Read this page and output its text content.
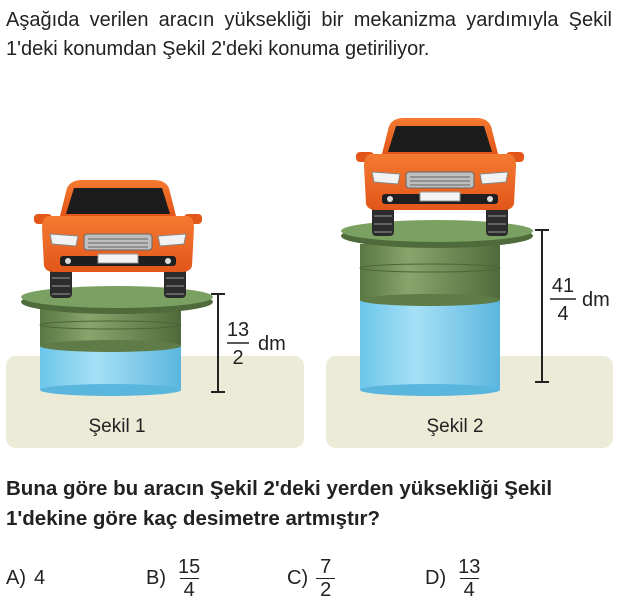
Aşağıda verilen aracın yüksekliği bir mekanizma yardımıyla Şekil 1'deki konumdan Şekil 2'deki konuma getiriliyor.
13
2
dm
Şekil 1
41
4
dm
Şekil 2
Buna göre bu aracın Şekil 2'deki yerden yüksekliği Şekil 1'dekine göre kaç desimetre artmıştır?
A) 4	$B) \frac{15}{4}$	$C) \frac{7}{2}$	$D) \frac{13}{4}$
